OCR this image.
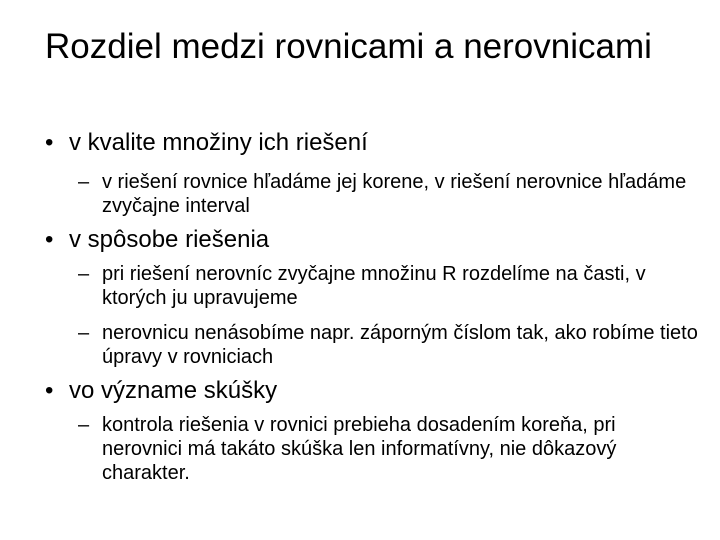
Rozdiel medzi rovnicami a nerovnicami
• v kvalite množiny ich riešení
– v riešení rovnice hľadáme jej korene, v riešení nerovnice hľadáme zvyčajne interval
• v spôsobe riešenia
– pri riešení nerovníc zvyčajne množinu R rozdelíme na časti, v ktorých ju upravujeme
– nerovnicu nenásobíme napr. záporným číslom tak, ako robíme tieto úpravy v rovniciach
• vo význame skúšky
– kontrola riešenia v rovnici prebieha dosadením koreňa, pri nerovnici má takáto skúška len informatívny, nie dôkazový charakter.
